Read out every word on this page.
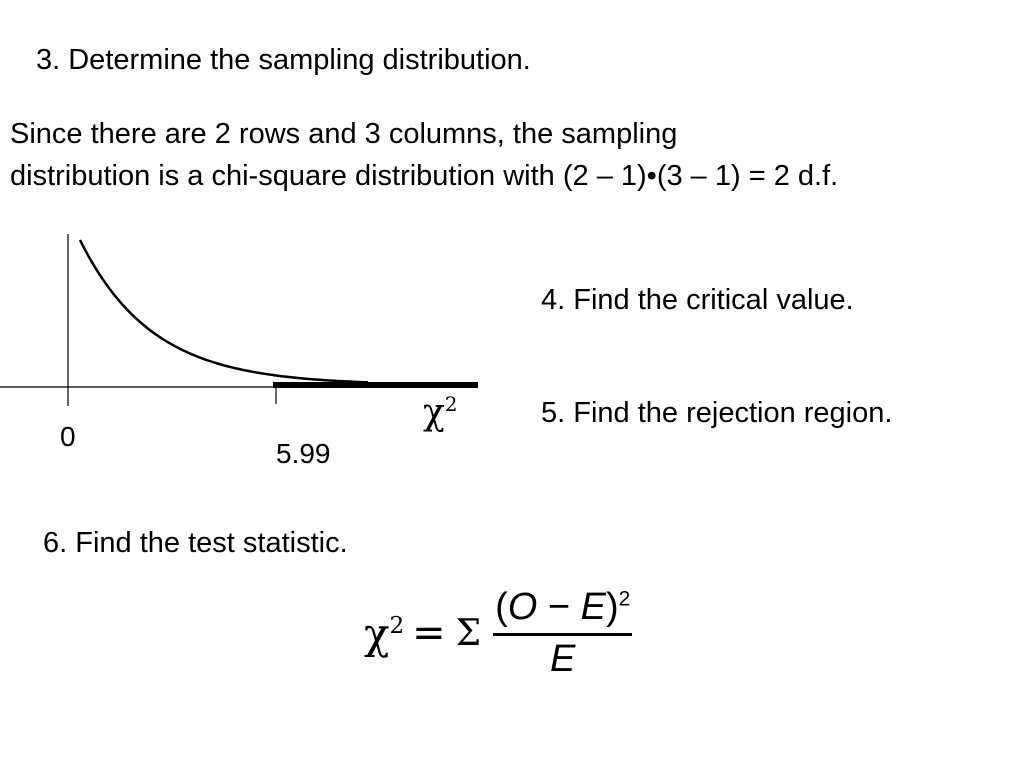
3. Determine the sampling distribution.

Since there are 2 rows and 3 columns, the sampling
distribution is a chi-square distribution with (2 – 1)•(3 – 1) = 2 d.f.
0
5.99
$\chi^2$

4. Find the critical value.

5. Find the rejection region.

6. Find the test statistic.

$\chi^2 = \Sigma \frac{(O - E)^2}{E}$
